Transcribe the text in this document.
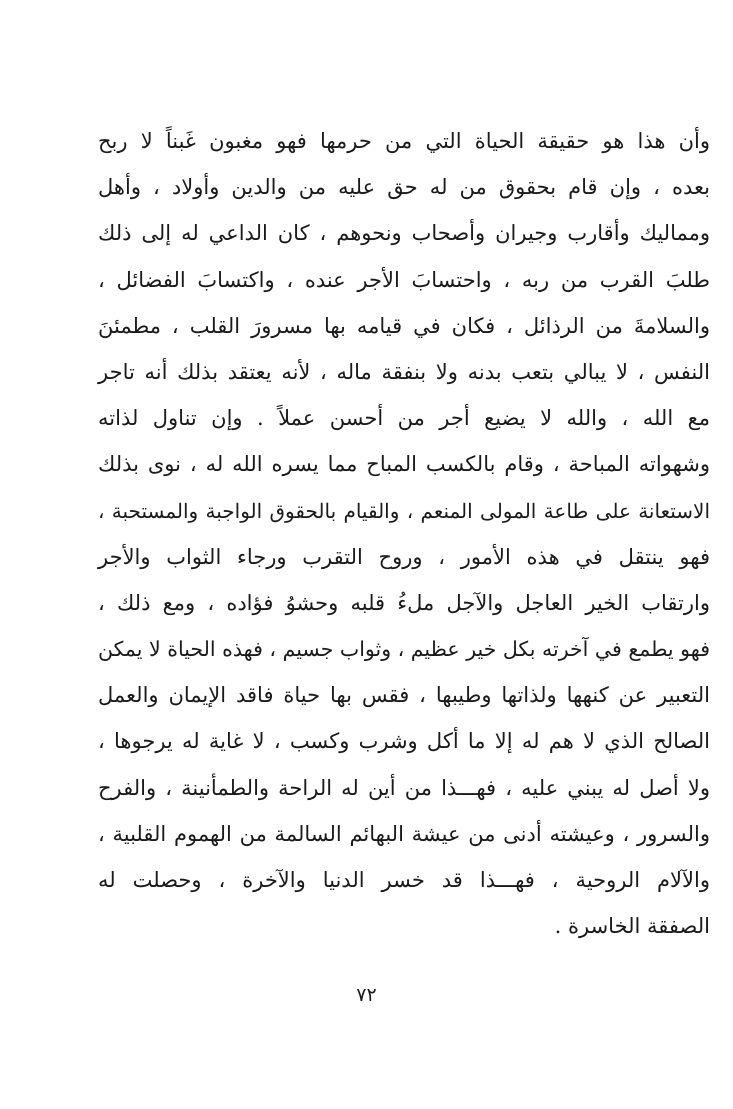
وأن هذا هو حقيقة الحياة التي من حرمها فهو مغبون غَبناً لا ربح
بعده ، وإن قام بحقوق من له حق عليه من والدين وأولاد ، وأهل
ومماليك وأقارب وجيران وأصحاب ونحوهم ، كان الداعي له إلى ذلك
طلبَ القرب من ربه ، واحتسابَ الأجر عنده ، واكتسابَ الفضائل ،
والسلامةَ من الرذائل ، فكان في قيامه بها مسرورَ القلب ، مطمئنَ
النفس ، لا يبالي بتعب بدنه ولا بنفقة ماله ، لأنه يعتقد بذلك أنه تاجر
مع الله ، والله لا يضيع أجر من أحسن عملاً . وإن تناول لذاته
وشهواته المباحة ، وقام بالكسب المباح مما يسره الله له ، نوى بذلك
الاستعانة على طاعة المولى المنعم ، والقيام بالحقوق الواجبة والمستحبة ،
فهو ينتقل في هذه الأمور ، وروح التقرب ورجاء الثواب والأجر
وارتقاب الخير العاجل والآجل ملءُ قلبه وحشوُ فؤاده ، ومع ذلك ،
فهو يطمع في آخرته بكل خير عظيم ، وثواب جسيم ، فهذه الحياة لا يمكن
التعبير عن كنهها ولذاتها وطيبها ، فقس بها حياة فاقد الإيمان والعمل
الصالح الذي لا هم له إلا ما أكل وشرب وكسب ، لا غاية له يرجوها ،
ولا أصل له يبني عليه ، فهـــذا من أين له الراحة والطمأنينة ، والفرح
والسرور ، وعيشته أدنى من عيشة البهائم السالمة من الهموم القلبية ،
والآلام الروحية ، فهـــذا قد خسر الدنيا والآخرة ، وحصلت له
الصفقة الخاسرة .
٧٢
